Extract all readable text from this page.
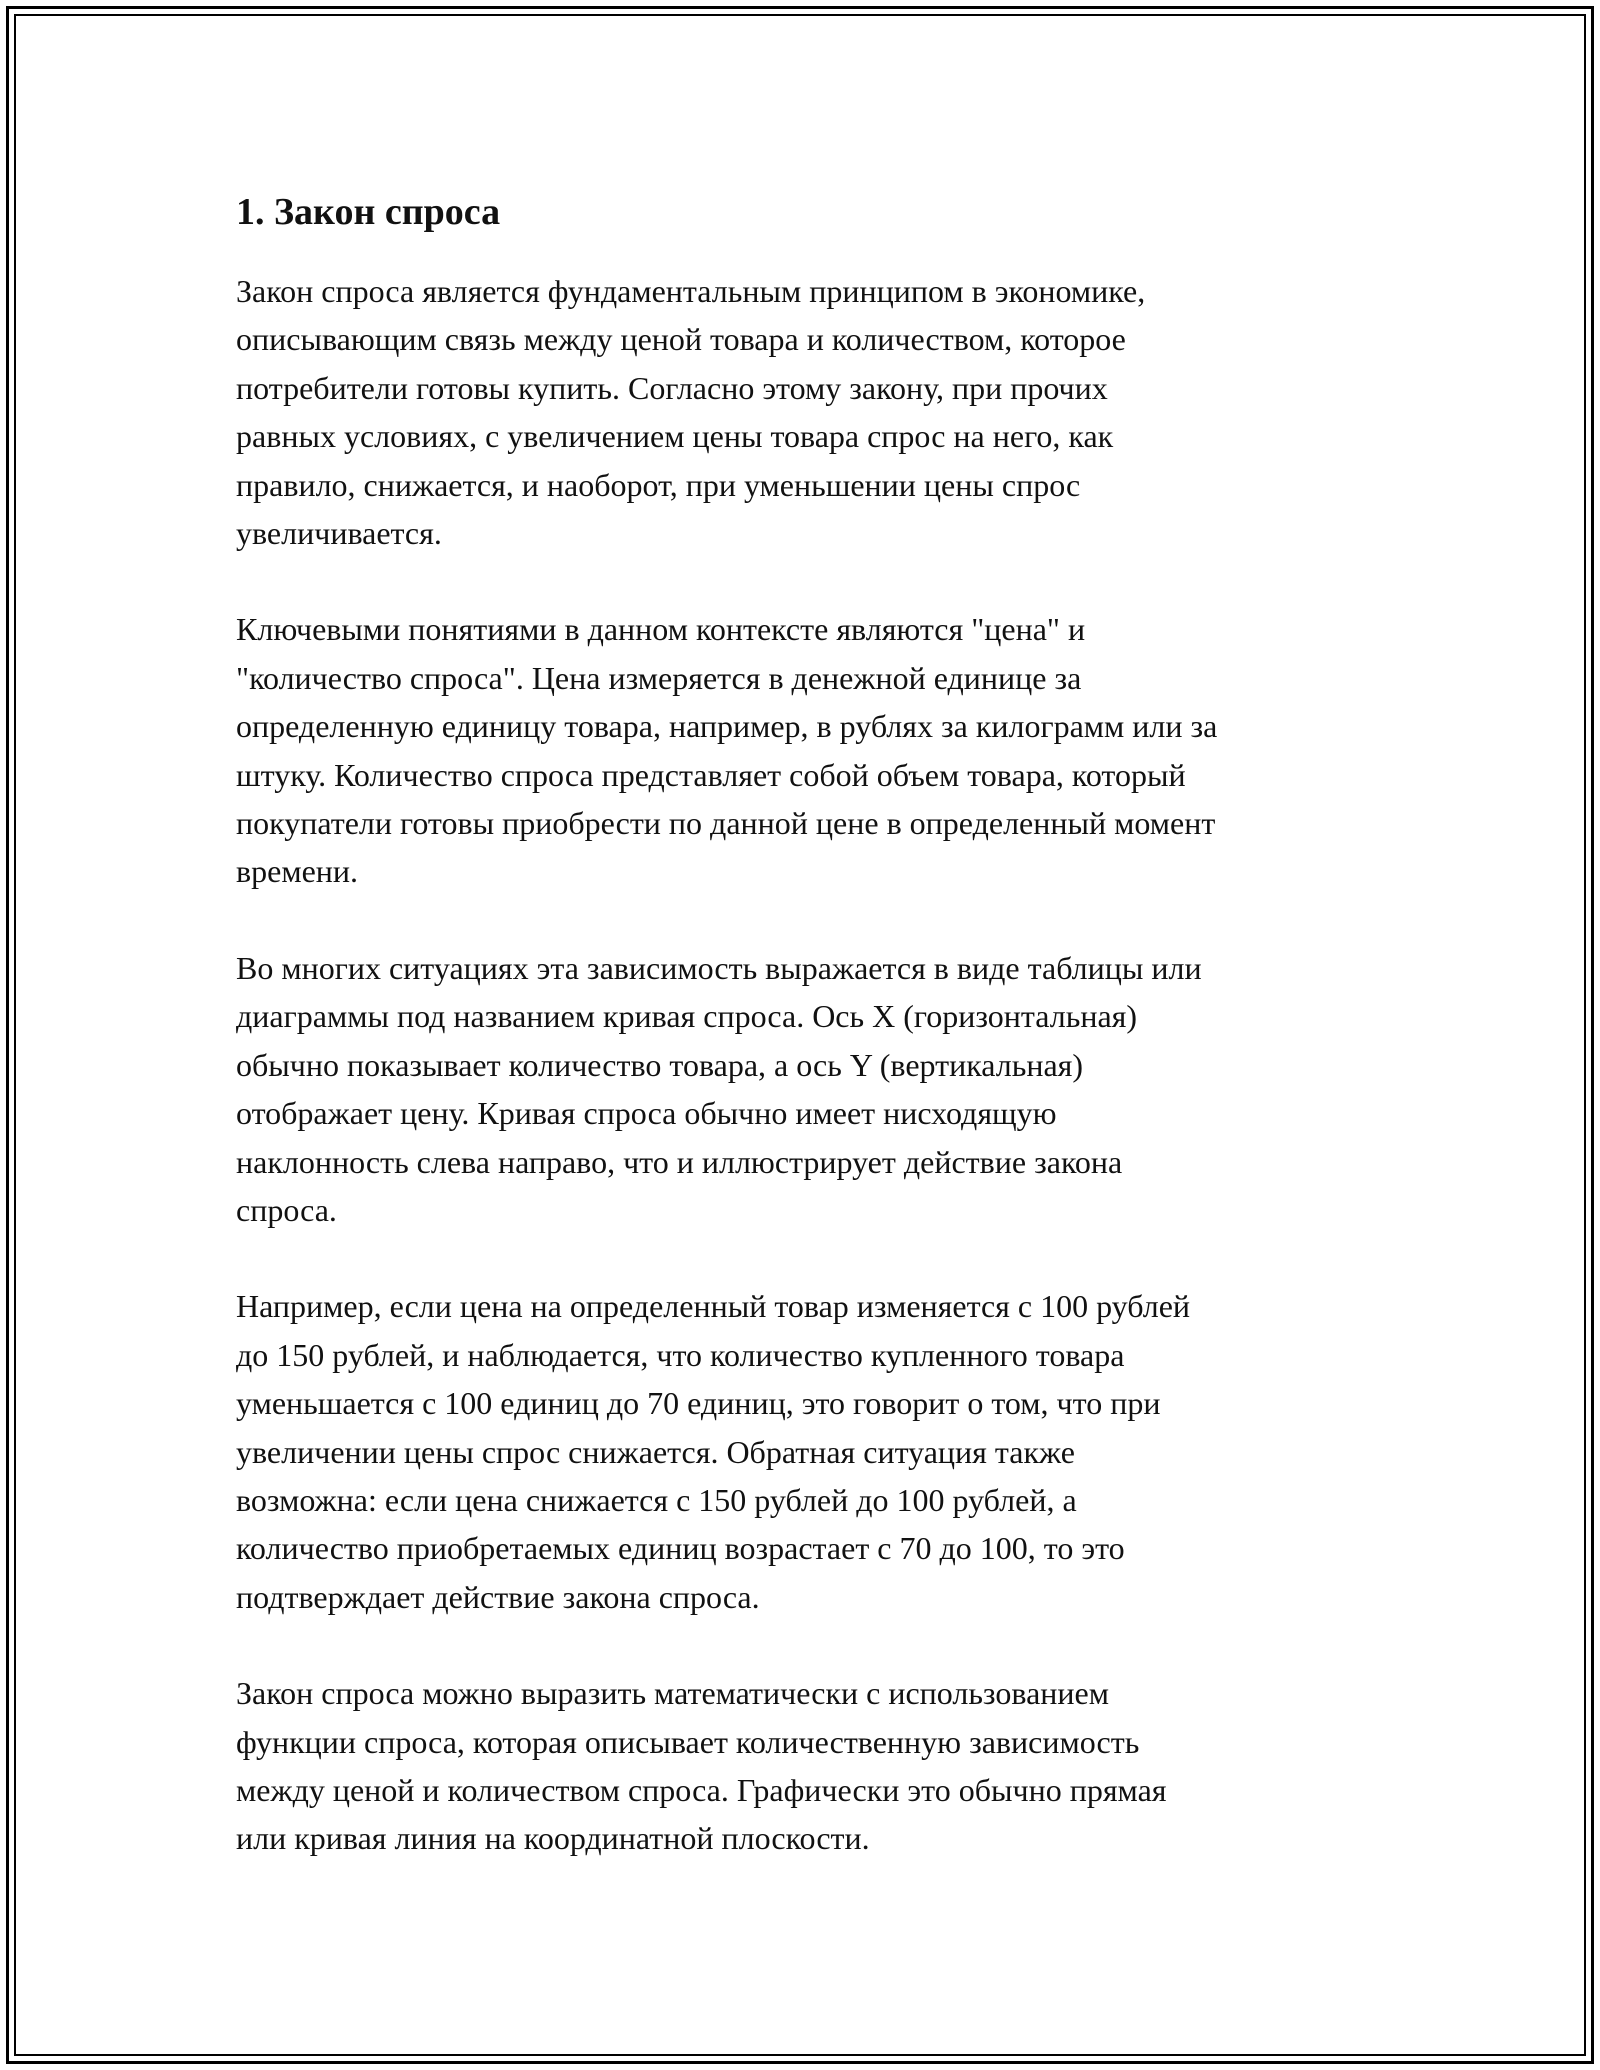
1. Закон спроса

Закон спроса является фундаментальным принципом в экономике,
описывающим связь между ценой товара и количеством, которое
потребители готовы купить. Согласно этому закону, при прочих
равных условиях, с увеличением цены товара спрос на него, как
правило, снижается, и наоборот, при уменьшении цены спрос
увеличивается.

Ключевыми понятиями в данном контексте являются "цена" и
"количество спроса". Цена измеряется в денежной единице за
определенную единицу товара, например, в рублях за килограмм или за
штуку. Количество спроса представляет собой объем товара, который
покупатели готовы приобрести по данной цене в определенный момент
времени.

Во многих ситуациях эта зависимость выражается в виде таблицы или
диаграммы под названием кривая спроса. Ось X (горизонтальная)
обычно показывает количество товара, а ось Y (вертикальная)
отображает цену. Кривая спроса обычно имеет нисходящую
наклонность слева направо, что и иллюстрирует действие закона
спроса.

Например, если цена на определенный товар изменяется с 100 рублей
до 150 рублей, и наблюдается, что количество купленного товара
уменьшается с 100 единиц до 70 единиц, это говорит о том, что при
увеличении цены спрос снижается. Обратная ситуация также
возможна: если цена снижается с 150 рублей до 100 рублей, а
количество приобретаемых единиц возрастает с 70 до 100, то это
подтверждает действие закона спроса.

Закон спроса можно выразить математически с использованием
функции спроса, которая описывает количественную зависимость
между ценой и количеством спроса. Графически это обычно прямая
или кривая линия на координатной плоскости.
